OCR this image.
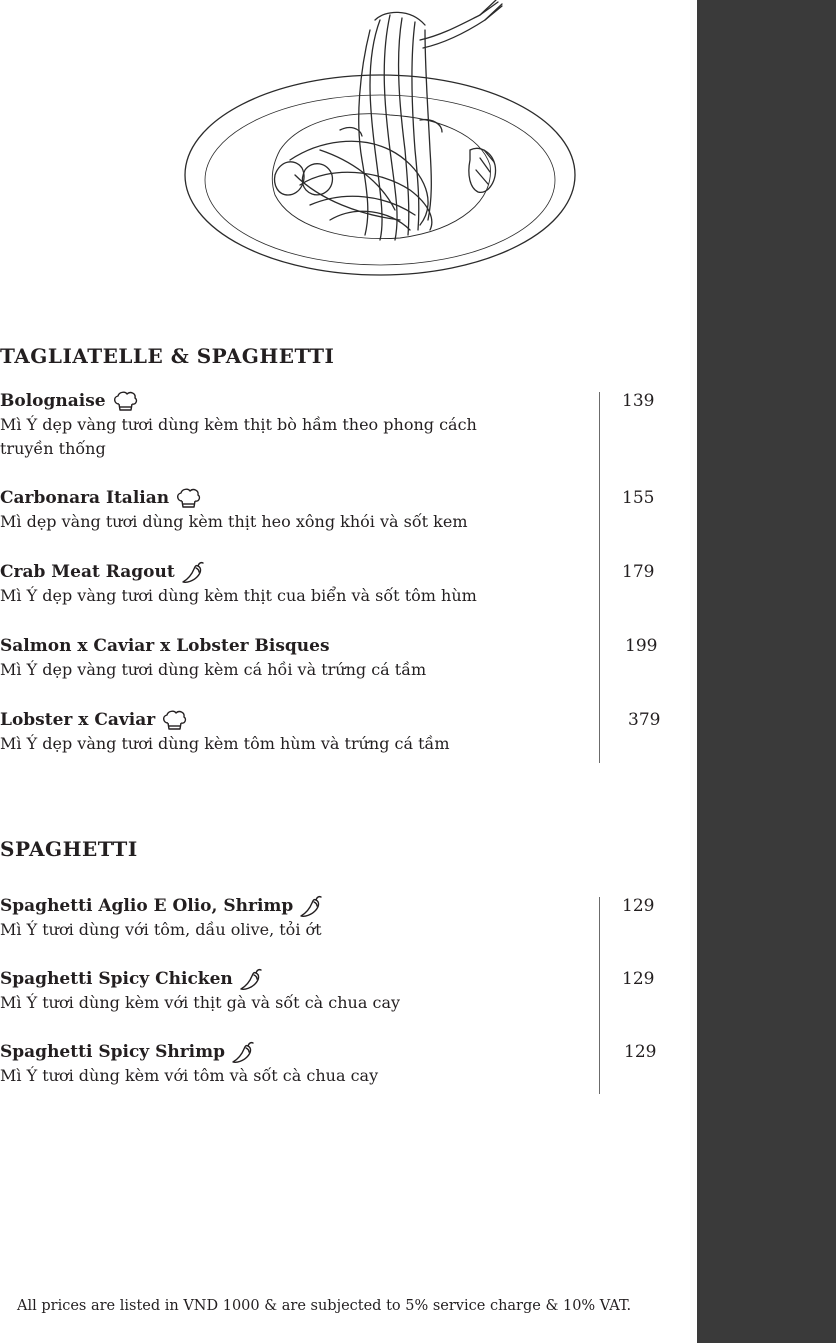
TAGLIATELLE & SPAGHETTI
Bolognaise
Mì Ý dẹp vàng tươi dùng kèm thịt bò hầm theo phong cách truyền thống
139
Carbonara Italian
Mì dẹp vàng tươi dùng kèm thịt heo xông khói và sốt kem
155
Crab Meat Ragout
Mì Ý dẹp vàng tươi dùng kèm thịt cua biển và sốt tôm hùm
179
Salmon x Caviar x Lobster Bisques
Mì Ý dẹp vàng tươi dùng kèm cá hồi và trứng cá tầm
199
Lobster x Caviar
Mì Ý dẹp vàng tươi dùng kèm tôm hùm và trứng cá tầm
379
SPAGHETTI
Spaghetti Aglio E Olio, Shrimp
Mì Ý tươi dùng với tôm, dầu olive, tỏi ớt
129
Spaghetti Spicy Chicken
Mì Ý tươi dùng kèm với thịt gà và sốt cà chua cay
129
Spaghetti Spicy Shrimp
Mì Ý tươi dùng kèm với tôm và sốt cà chua cay
129
All prices are listed in VND 1000 & are subjected to 5% service charge & 10% VAT.
